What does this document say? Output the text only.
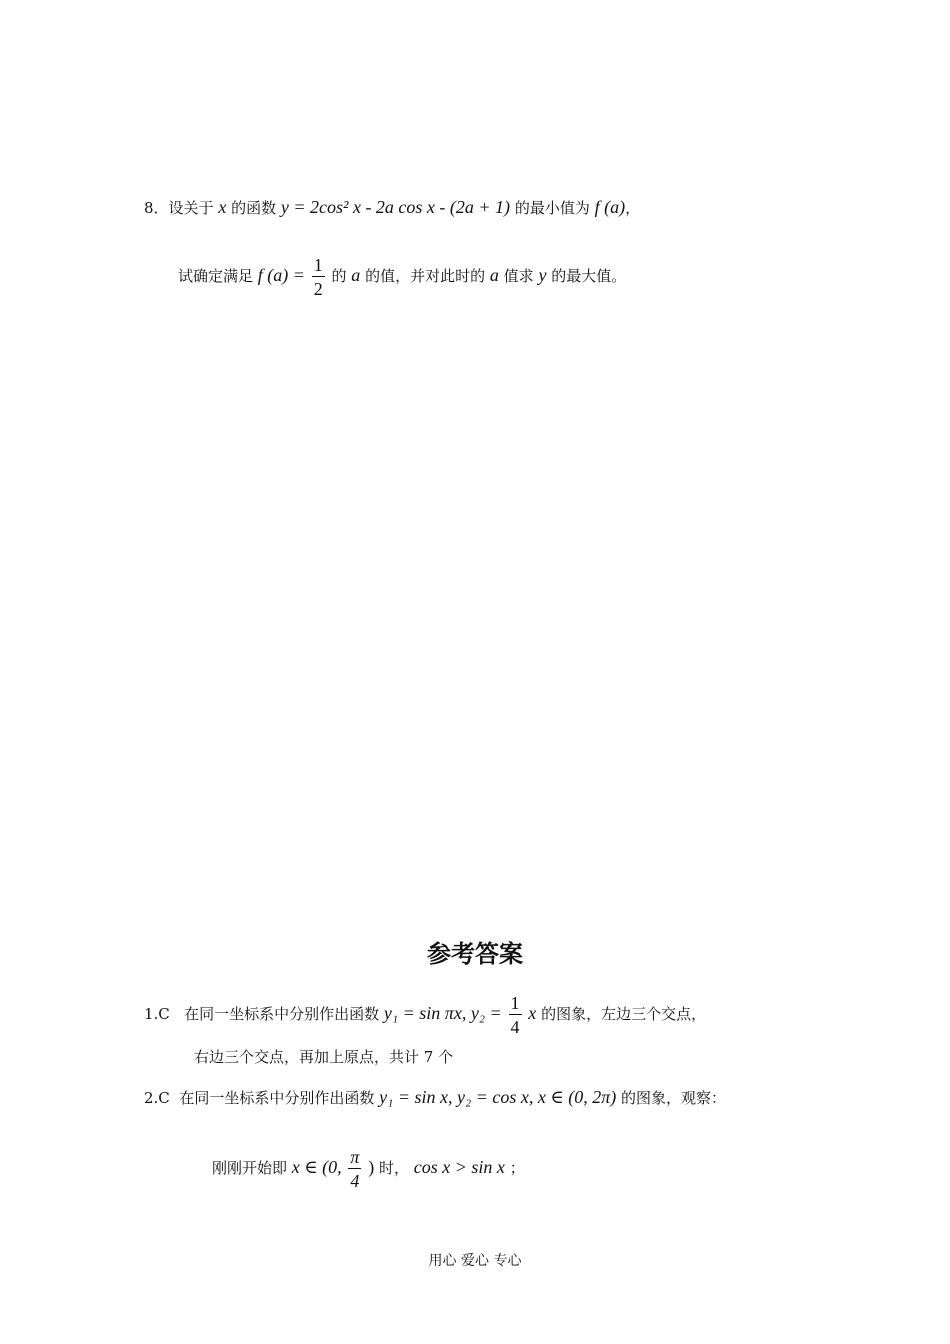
8．设关于 x 的函数 y = 2cos² x - 2a cos x - (2a + 1) 的最小值为 f (a)，
试确定满足 f $(a) = \frac{1}{2}$ 的 a 的值，并对此时的 a 值求 y 的最大值。
参考答案
1.C 在同一坐标系中分别作出函数 y₁ = sin πx, $y_2 = \frac{1}{4}$ x 的图象，左边三个交点，
右边三个交点，再加上原点，共计 7 个
2.C 在同一坐标系中分别作出函数 y₁ = sin x, y₂ = cos x, x ∈ (0, 2π) 的图象，观察：
刚刚开始即 x ∈ (0, $\frac{\pi}{4}$ ) 时， cos x > sin x ；
用心 爱心 专心
